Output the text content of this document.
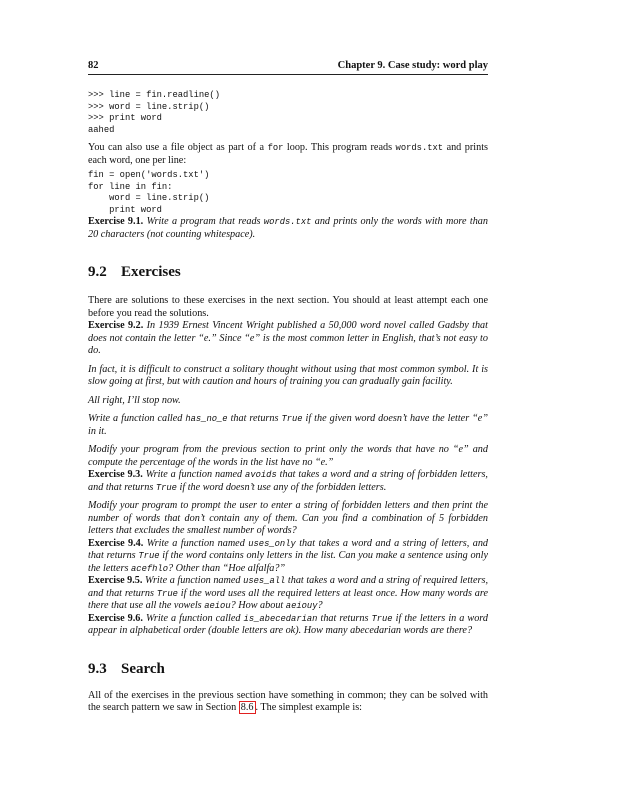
82	Chapter 9. Case study: word play
>>> line = fin.readline()
>>> word = line.strip()
>>> print word
aahed

You can also use a file object as part of a for loop. This program reads words.txt and prints each word, one per line:

fin = open('words.txt')
for line in fin:
word = line.strip()
print word

Exercise 9.1. Write a program that reads words.txt and prints only the words with more than 20 characters (not counting whitespace).

9.2 Exercises

There are solutions to these exercises in the next section. You should at least attempt each one before you read the solutions.

Exercise 9.2. In 1939 Ernest Vincent Wright published a 50,000 word novel called Gadsby that does not contain the letter “e.” Since “e” is the most common letter in English, that’s not easy to do.

In fact, it is difficult to construct a solitary thought without using that most common symbol. It is slow going at first, but with caution and hours of training you can gradually gain facility.

All right, I’ll stop now.

Write a function called has_no_e that returns True if the given word doesn’t have the letter “e” in it.

Modify your program from the previous section to print only the words that have no “e” and compute the percentage of the words in the list have no “e.”

Exercise 9.3. Write a function named avoids that takes a word and a string of forbidden letters, and that returns True if the word doesn’t use any of the forbidden letters.

Modify your program to prompt the user to enter a string of forbidden letters and then print the number of words that don’t contain any of them. Can you find a combination of 5 forbidden letters that excludes the smallest number of words?

Exercise 9.4. Write a function named uses_only that takes a word and a string of letters, and that returns True if the word contains only letters in the list. Can you make a sentence using only the letters acefhlo? Other than “Hoe alfalfa?”

Exercise 9.5. Write a function named uses_all that takes a word and a string of required letters, and that returns True if the word uses all the required letters at least once. How many words are there that use all the vowels aeiou? How about aeiouy?

Exercise 9.6. Write a function called is_abecedarian that returns True if the letters in a word appear in alphabetical order (double letters are ok). How many abecedarian words are there?

9.3 Search

All of the exercises in the previous section have something in common; they can be solved with the search pattern we saw in Section 8.6 . The simplest example is:
